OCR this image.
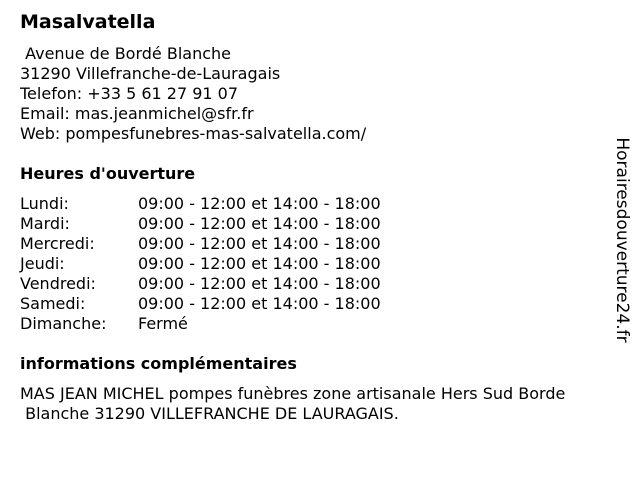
Masalvatella
Avenue de Bordé Blanche
31290 Villefranche-de-Lauragais
Telefon: +33 5 61 27 91 07
Email: mas.jeanmichel@sfr.fr
Web: pompesfunebres-mas-salvatella.com/
Heures d'ouverture
Lundi:	09:00 - 12:00 et 14:00 - 18:00
Mardi:	09:00 - 12:00 et 14:00 - 18:00
Mercredi:	09:00 - 12:00 et 14:00 - 18:00
Jeudi:	09:00 - 12:00 et 14:00 - 18:00
Vendredi:	09:00 - 12:00 et 14:00 - 18:00
Samedi:	09:00 - 12:00 et 14:00 - 18:00
Dimanche: Fermé
informations complémentaires
MAS JEAN MICHEL pompes funèbres zone artisanale Hers Sud Borde
Blanche 31290 VILLEFRANCHE DE LAURAGAIS.
Horairesdouverture24.fr
